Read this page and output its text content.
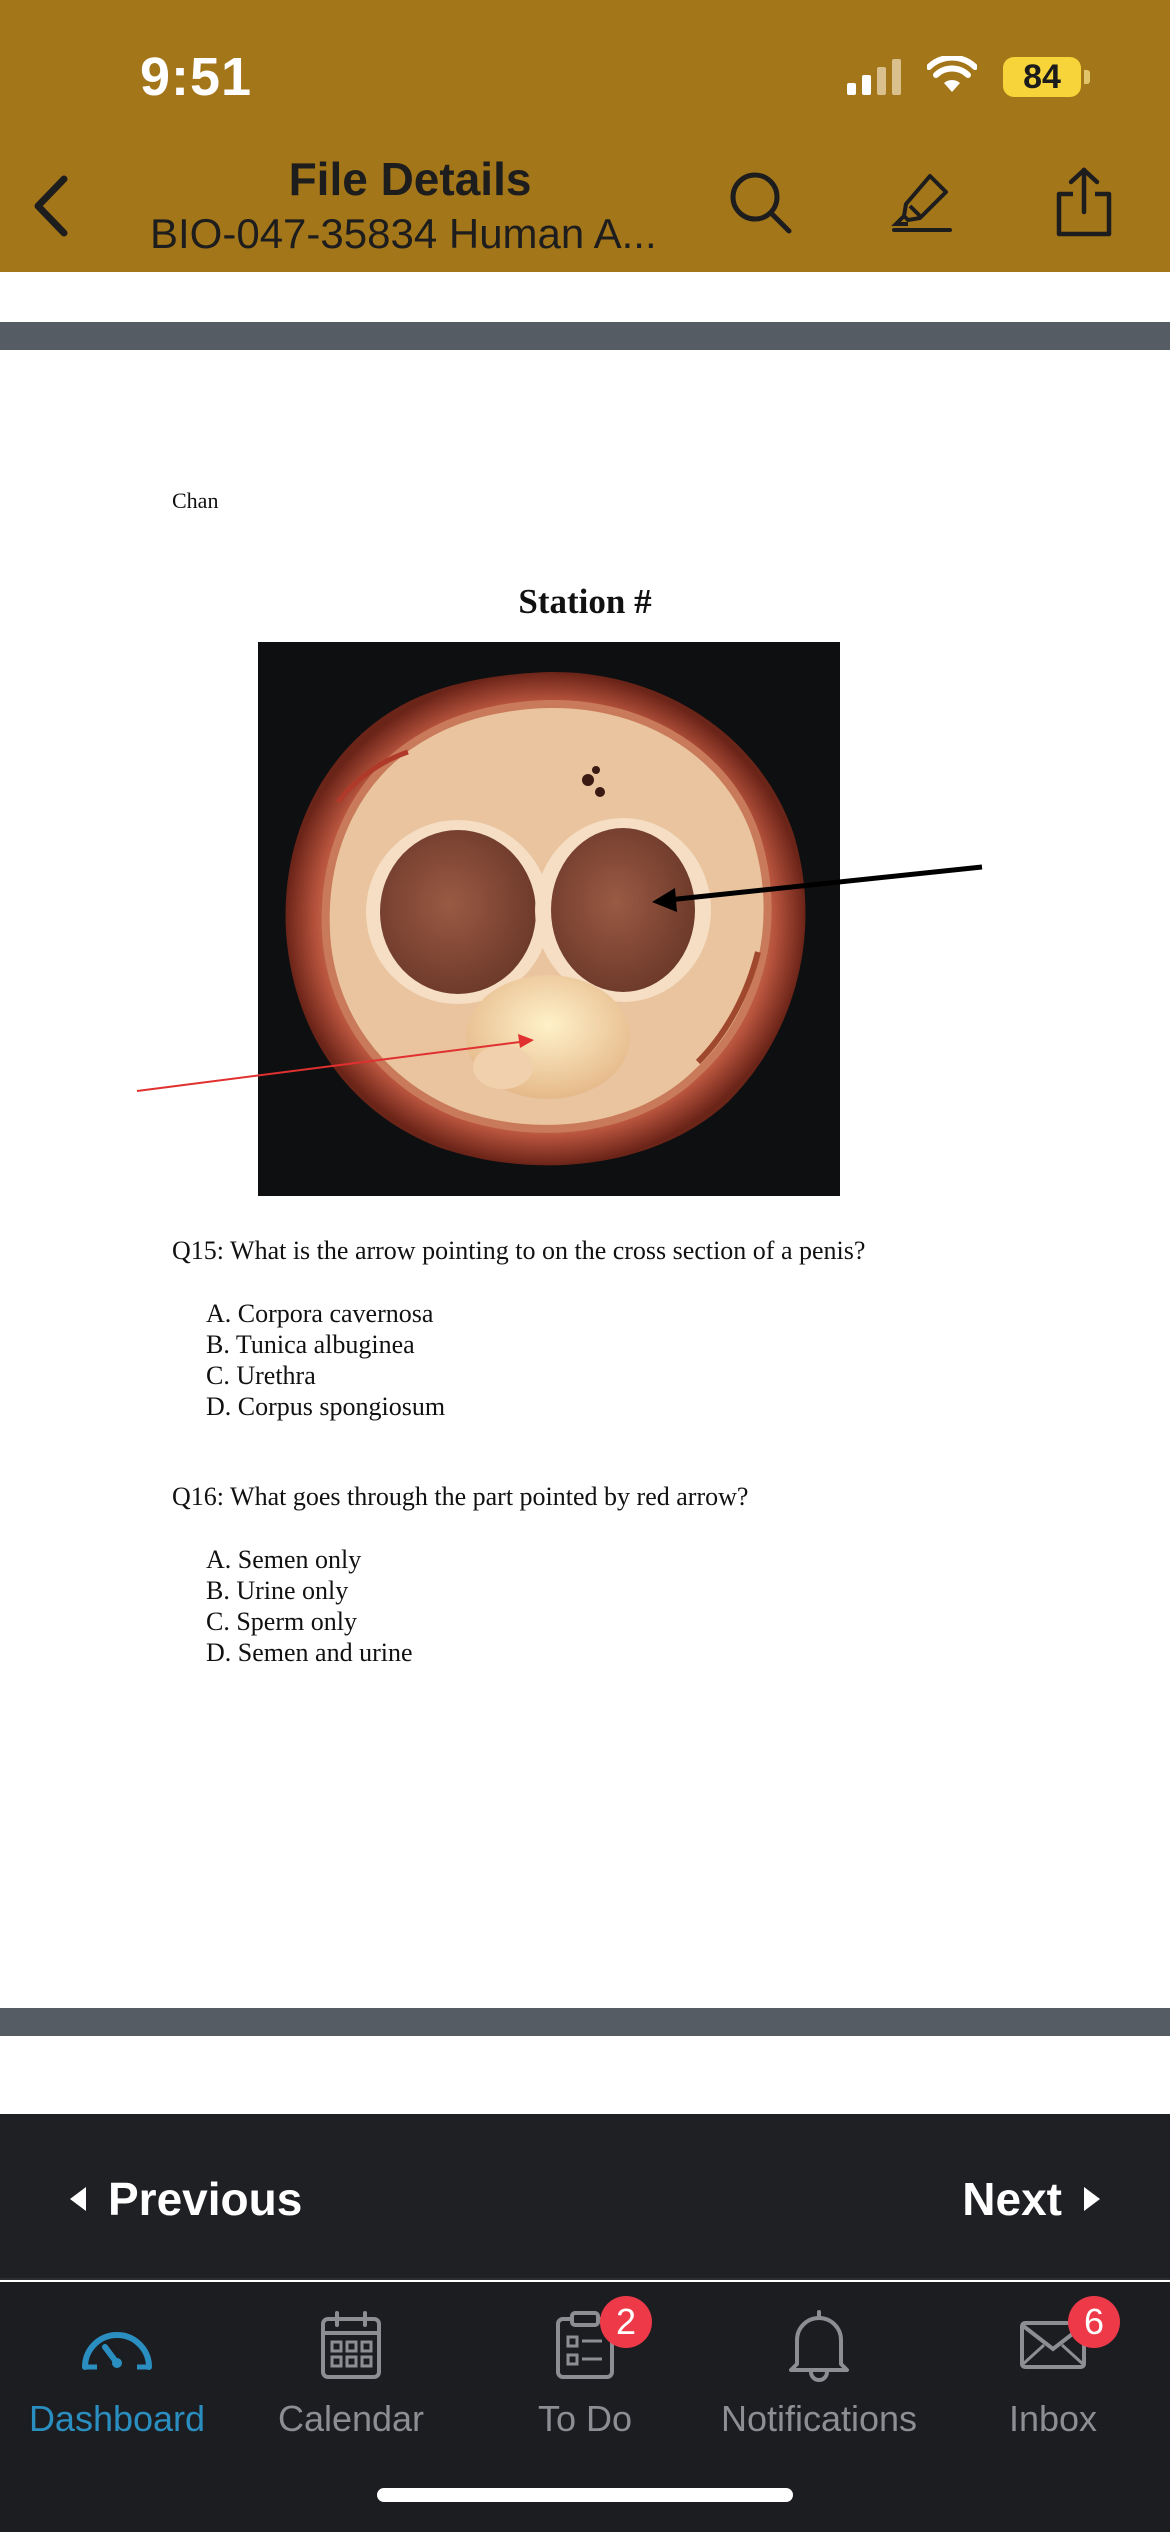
9:51	84
File Details
BIO-047-35834 Human A...
Chan
Station #
Q15: What is the arrow pointing to on the cross section of a penis?
A. Corpora cavernosa
B. Tunica albuginea
C. Urethra
D. Corpus spongiosum
Q16: What goes through the part pointed by red arrow?
A. Semen only
B. Urine only
C. Sperm only
D. Semen and urine
Previous	Next
Dashboard Calendar
2
To Do Notifications
6
Inbox
